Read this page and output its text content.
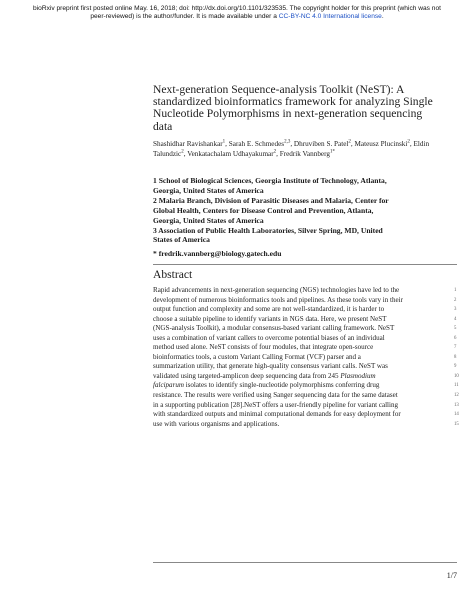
bioRxiv preprint first posted online May. 16, 2018; doi: http://dx.doi.org/10.1101/323535. The copyright holder for this preprint (which was not
peer-reviewed) is the author/funder. It is made available under a CC-BY-NC 4.0 International license.
Next-generation Sequence-analysis Toolkit (NeST): A
standardized bioinformatics framework for analyzing Single
Nucleotide Polymorphisms in next-generation sequencing
data
Shashidhar Ravishankar$^1$, Sarah E. Schmedes$^{2,3}$, Dhruviben S. Patel$^2$, Mateusz Plucinski$^2$, Eldin Talundzic$^2$, Venkatachalam Udhayakumar$^2$, Fredrik Vannberg$^{1*}$
1 School of Biological Sciences, Georgia Institute of Technology, Atlanta,
Georgia, United States of America
2 Malaria Branch, Division of Parasitic Diseases and Malaria, Center for
Global Health, Centers for Disease Control and Prevention, Atlanta,
Georgia, United States of America
3 Association of Public Health Laboratories, Silver Spring, MD, United
States of America
* fredrik.vannberg@biology.gatech.edu
Abstract
Rapid advancements in next-generation sequencing (NGS) technologies have led to the	1
development of numerous bioinformatics tools and pipelines. As these tools vary in their	2
output function and complexity and some are not well-standardized, it is harder to	3
choose a suitable pipeline to identify variants in NGS data. Here, we present NeST	4
(NGS-analysis Toolkit), a modular consensus-based variant calling framework. NeST	5
uses a combination of variant callers to overcome potential biases of an individual	6
method used alone. NeST consists of four modules, that integrate open-source	7
bioinformatics tools, a custom Variant Calling Format (VCF) parser and a	8
summarization utility, that generate high-quality consensus variant calls. NeST was	9
validated using targeted-amplicon deep sequencing data from 245 Plasmodium	10
falciparum isolates to identify single-nucleotide polymorphisms conferring drug	11
resistance. The results were verified using Sanger sequencing data for the same dataset	12
in a supporting publication [28].NeST offers a user-friendly pipeline for variant calling	13
with standardized outputs and minimal computational demands for easy deployment for	14
use with various organisms and applications.	15
1/7
